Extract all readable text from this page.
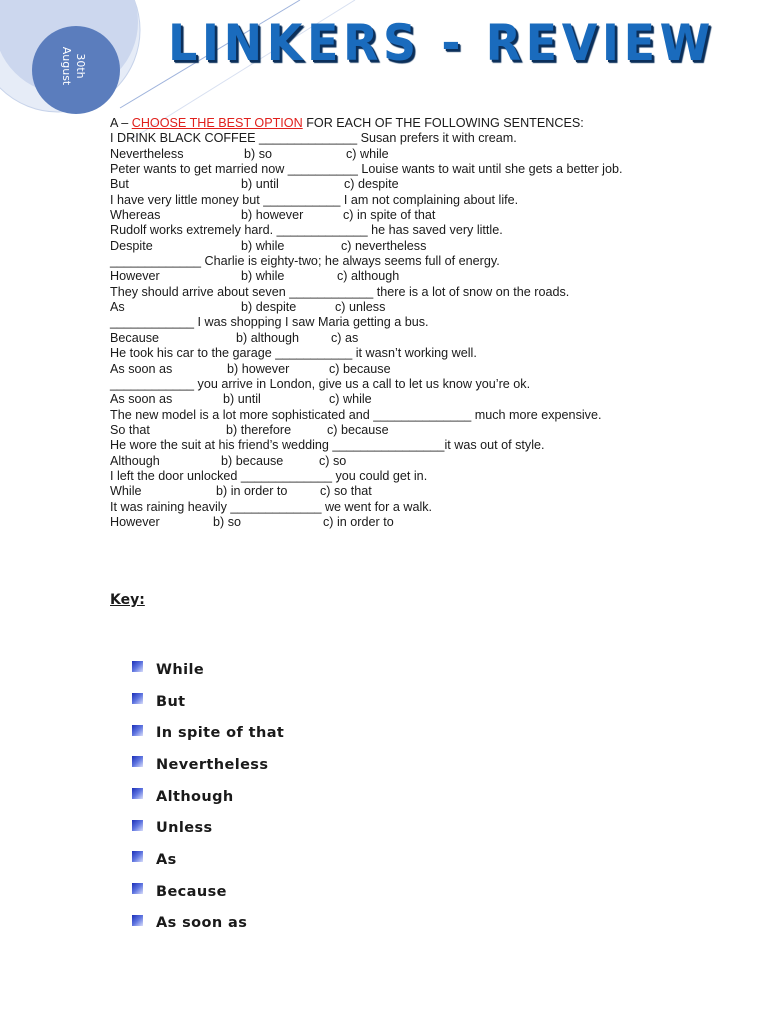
30th
August LINKERS - REVIEW
A – CHOOSE THE BEST OPTION FOR EACH OF THE FOLLOWING SENTENCES:
I DRINK BLACK COFFEE ______________ Susan prefers it with cream.
Nevertheless	b) so	c) while
Peter wants to get married now __________ Louise wants to wait until she gets a better job.
But	b) until	c) despite
I have very little money but ___________ I am not complaining about life.
Whereas	b) however	c) in spite of that
Rudolf works extremely hard. _____________ he has saved very little.
Despite	b) while	c) nevertheless
_____________ Charlie is eighty-two; he always seems full of energy.
However	b) while	c) although
They should arrive about seven ____________ there is a lot of snow on the roads.
As	b) despite	c) unless
____________ I was shopping I saw Maria getting a bus.
Because	b) although	c) as
He took his car to the garage ___________ it wasn’t working well.
As soon as	b) however	c) because
____________ you arrive in London, give us a call to let us know you’re ok.
As soon as	b) until	c) while
The new model is a lot more sophisticated and ______________ much more expensive.
So that	b) therefore	c) because
He wore the suit at his friend’s wedding ________________it was out of style.
Although	b) because	c) so
I left the door unlocked _____________ you could get in.
While	b) in order to	c) so that
It was raining heavily _____________ we went for a walk.
However	b) so	c) in order to
Key:
While
But
In spite of that
Nevertheless
Although
Unless
As
Because
As soon as
